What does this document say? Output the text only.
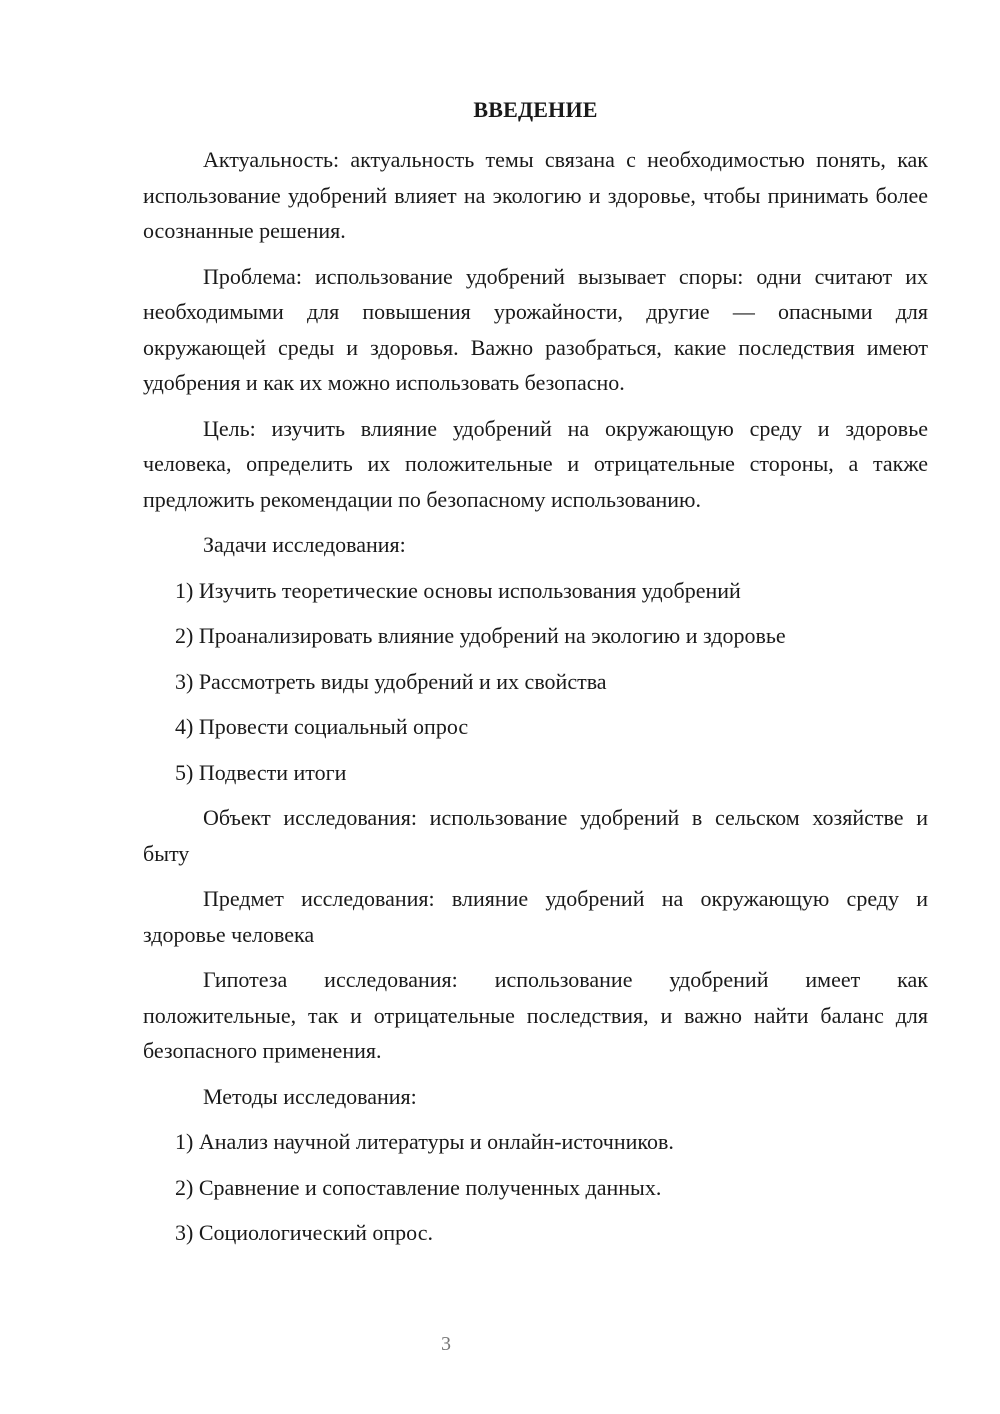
ВВЕДЕНИЕ

Актуальность: актуальность темы связана с необходимостью понять, как использование удобрений влияет на экологию и здоровье, чтобы принимать более осознанные решения.

Проблема: использование удобрений вызывает споры: одни считают их необходимыми для повышения урожайности, другие — опасными для окружающей среды и здоровья. Важно разобраться, какие последствия имеют удобрения и как их можно использовать безопасно.

Цель: изучить влияние удобрений на окружающую среду и здоровье человека, определить их положительные и отрицательные стороны, а также предложить рекомендации по безопасному использованию.

Задачи исследования:

1) Изучить теоретические основы использования удобрений
2) Проанализировать влияние удобрений на экологию и здоровье
3) Рассмотреть виды удобрений и их свойства
4) Провести социальный опрос
5) Подвести итоги

Объект исследования: использование удобрений в сельском хозяйстве и быту

Предмет исследования: влияние удобрений на окружающую среду и здоровье человека

Гипотеза исследования: использование удобрений имеет как положительные, так и отрицательные последствия, и важно найти баланс для безопасного применения.

Методы исследования:

1) Анализ научной литературы и онлайн-источников.
2) Сравнение и сопоставление полученных данных.
3) Социологический опрос.
3
